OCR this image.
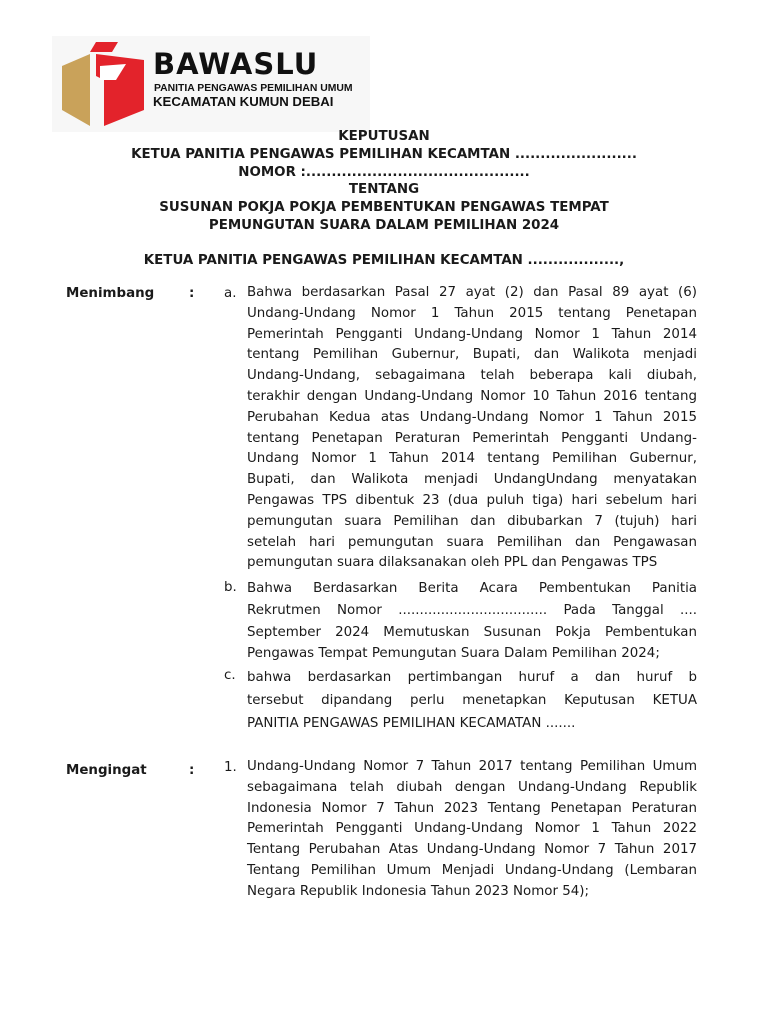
BAWASLU
PANITIA PENGAWAS PEMILIHAN UMUM
KECAMATAN KUMUN DEBAI
KEPUTUSAN
KETUA PANITIA PENGAWAS PEMILIHAN KECAMTAN ........................
NOMOR :............................................
TENTANG
SUSUNAN POKJA POKJA PEMBENTUKAN PENGAWAS TEMPAT
PEMUNGUTAN SUARA DALAM PEMILIHAN 2024
KETUA PANITIA PENGAWAS PEMILIHAN KECAMTAN ..................,
Menimbang	: a. Bahwa berdasarkan Pasal 27 ayat (2) dan Pasal 89 ayat (6)
Undang-Undang Nomor 1 Tahun 2015 tentang Penetapan
Pemerintah Pengganti Undang-Undang Nomor 1 Tahun 2014
tentang Pemilihan Gubernur, Bupati, dan Walikota menjadi
Undang-Undang, sebagaimana telah beberapa kali diubah,
terakhir dengan Undang-Undang Nomor 10 Tahun 2016 tentang
Perubahan Kedua atas Undang-Undang Nomor 1 Tahun 2015
tentang Penetapan Peraturan Pemerintah Pengganti Undang-
Undang Nomor 1 Tahun 2014 tentang Pemilihan Gubernur,
Bupati, dan Walikota menjadi UndangUndang menyatakan
Pengawas TPS dibentuk 23 (dua puluh tiga) hari sebelum hari
pemungutan suara Pemilihan dan dibubarkan 7 (tujuh) hari
setelah hari pemungutan suara Pemilihan dan Pengawasan
pemungutan suara dilaksanakan oleh PPL dan Pengawas TPS
b. Bahwa Berdasarkan Berita Acara Pembentukan Panitia
Rekrutmen Nomor ................................... Pada Tanggal ....
September 2024 Memutuskan Susunan Pokja Pembentukan
Pengawas Tempat Pemungutan Suara Dalam Pemilihan 2024;
c. bahwa berdasarkan pertimbangan huruf a dan huruf b
tersebut dipandang perlu menetapkan Keputusan KETUA
PANITIA PENGAWAS PEMILIHAN KECAMATAN .......
Mengingat	: 1. Undang-Undang Nomor 7 Tahun 2017 tentang Pemilihan Umum
sebagaimana telah diubah dengan Undang-Undang Republik
Indonesia Nomor 7 Tahun 2023 Tentang Penetapan Peraturan
Pemerintah Pengganti Undang-Undang Nomor 1 Tahun 2022
Tentang Perubahan Atas Undang-Undang Nomor 7 Tahun 2017
Tentang Pemilihan Umum Menjadi Undang-Undang (Lembaran
Negara Republik Indonesia Tahun 2023 Nomor 54);
